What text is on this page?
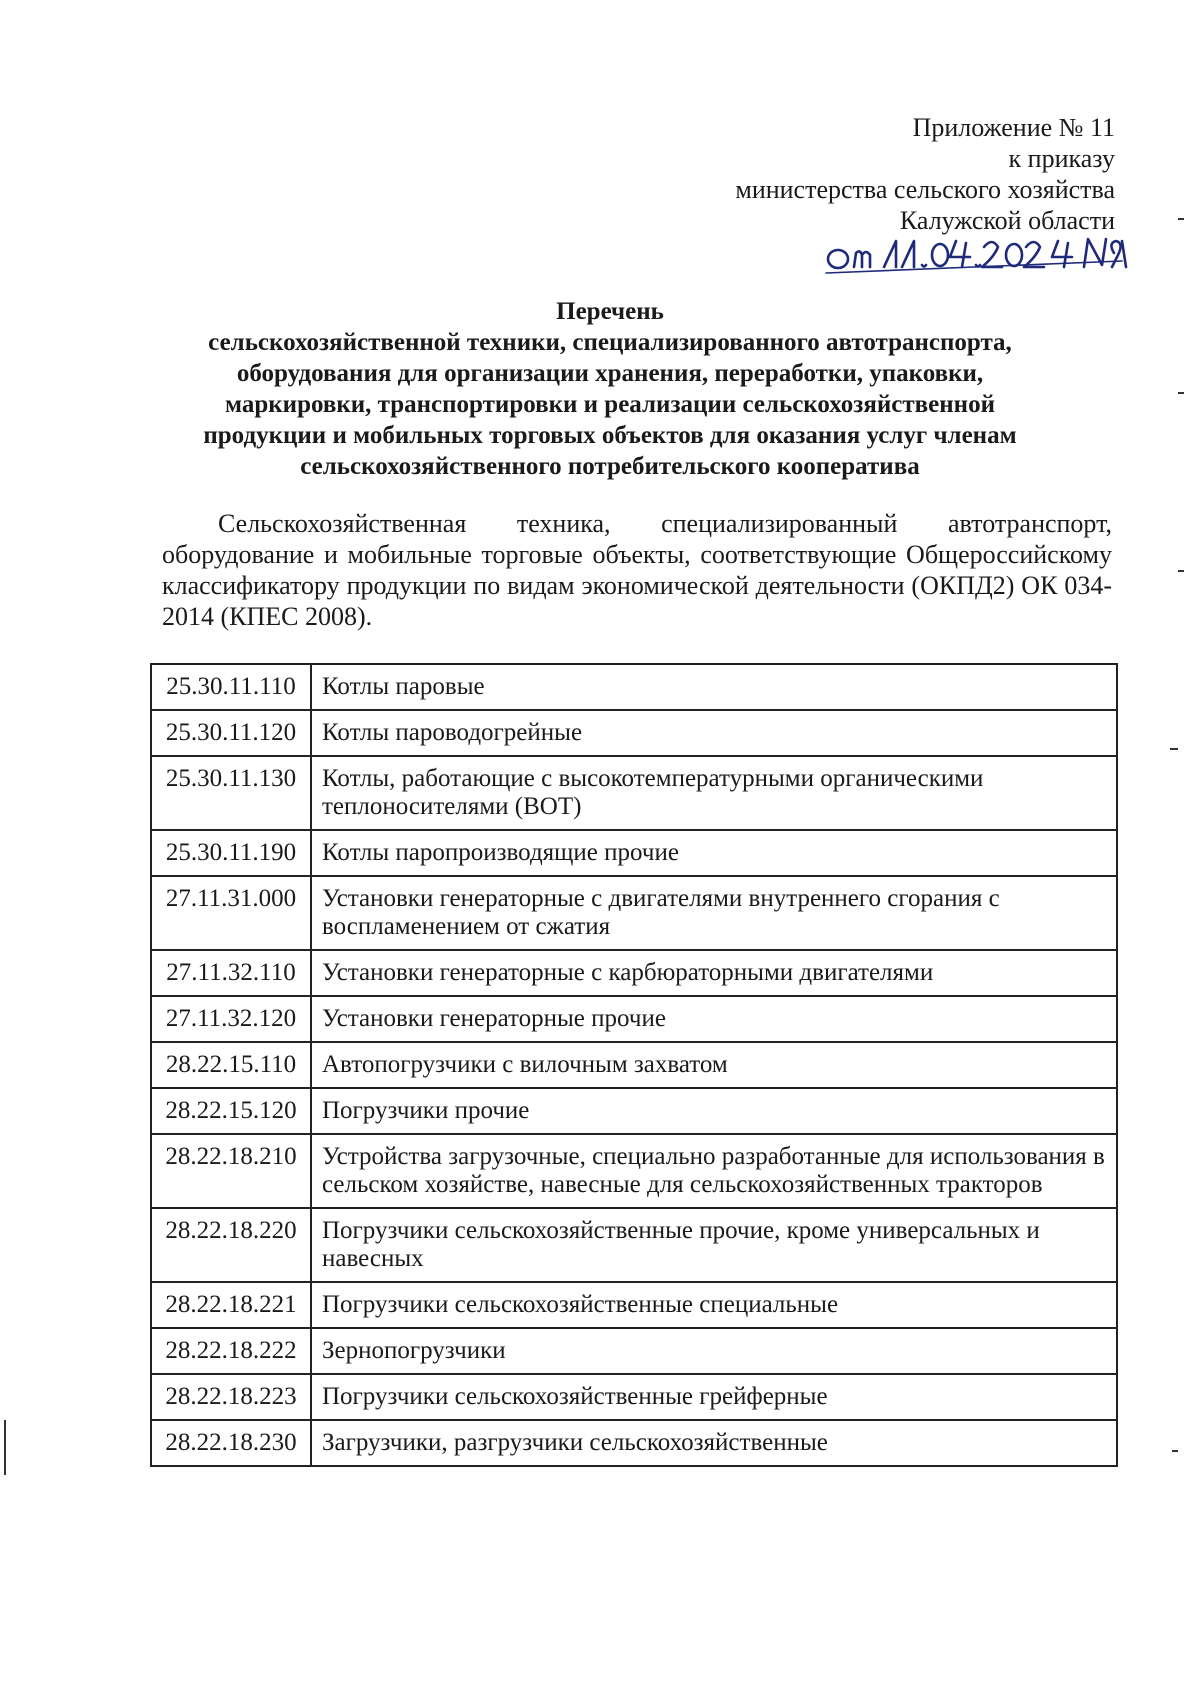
Приложение № 11
к приказу
министерства сельского хозяйства
Калужской области
Перечень
сельскохозяйственной техники, специализированного автотранспорта,
оборудования для организации хранения, переработки, упаковки,
маркировки, транспортировки и реализации сельскохозяйственной
продукции и мобильных торговых объектов для оказания услуг членам
сельскохозяйственного потребительского кооператива
Сельскохозяйственная техника, специализированный автотранспорт, оборудование и мобильные торговые объекты, соответствующие Общероссийскому классификатору продукции по видам экономической деятельности (ОКПД2) ОК 034-2014 (КПЕС 2008).
25.30.11.110	Котлы паровые
25.30.11.120	Котлы пароводогрейные
25.30.11.130	Котлы, работающие с высокотемпературными органическими теплоносителями (ВОТ)
25.30.11.190	Котлы паропроизводящие прочие
27.11.31.000	Установки генераторные с двигателями внутреннего сгорания с воспламенением от сжатия
27.11.32.110	Установки генераторные с карбюраторными двигателями
27.11.32.120	Установки генераторные прочие
28.22.15.110	Автопогрузчики с вилочным захватом
28.22.15.120	Погрузчики прочие
28.22.18.210	Устройства загрузочные, специально разработанные для использования в сельском хозяйстве, навесные для сельскохозяйственных тракторов
28.22.18.220	Погрузчики сельскохозяйственные прочие, кроме универсальных и навесных
28.22.18.221	Погрузчики сельскохозяйственные специальные
28.22.18.222	Зернопогрузчики
28.22.18.223	Погрузчики сельскохозяйственные грейферные
28.22.18.230	Загрузчики, разгрузчики сельскохозяйственные
